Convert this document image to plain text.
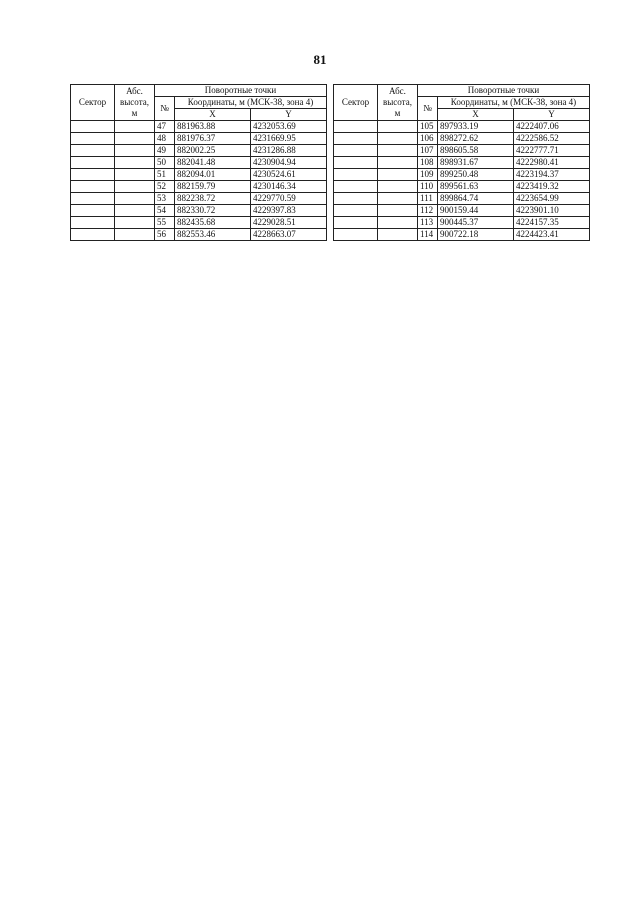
81
Сектор	Абс. высота, м	Поворотные точки		
		№	Координаты, м (МСК-38, зона 4)	
			X	Y
		47	881963.88	4232053.69
		48	881976.37	4231669.95
		49	882002.25	4231286.88
		50	882041.48	4230904.94
		51	882094.01	4230524.61
		52	882159.79	4230146.34
		53	882238.72	4229770.59
		54	882330.72	4229397.83
		55	882435.68	4229028.51
		56	882553.46	4228663.07
Сектор	Абс. высота, м	Поворотные точки		
		№	Координаты, м (МСК-38, зона 4)	
			X	Y
		105	897933.19	4222407.06
		106	898272.62	4222586.52
		107	898605.58	4222777.71
		108	898931.67	4222980.41
		109	899250.48	4223194.37
		110	899561.63	4223419.32
		111	899864.74	4223654.99
		112	900159.44	4223901.10
		113	900445.37	4224157.35
		114	900722.18	4224423.41
